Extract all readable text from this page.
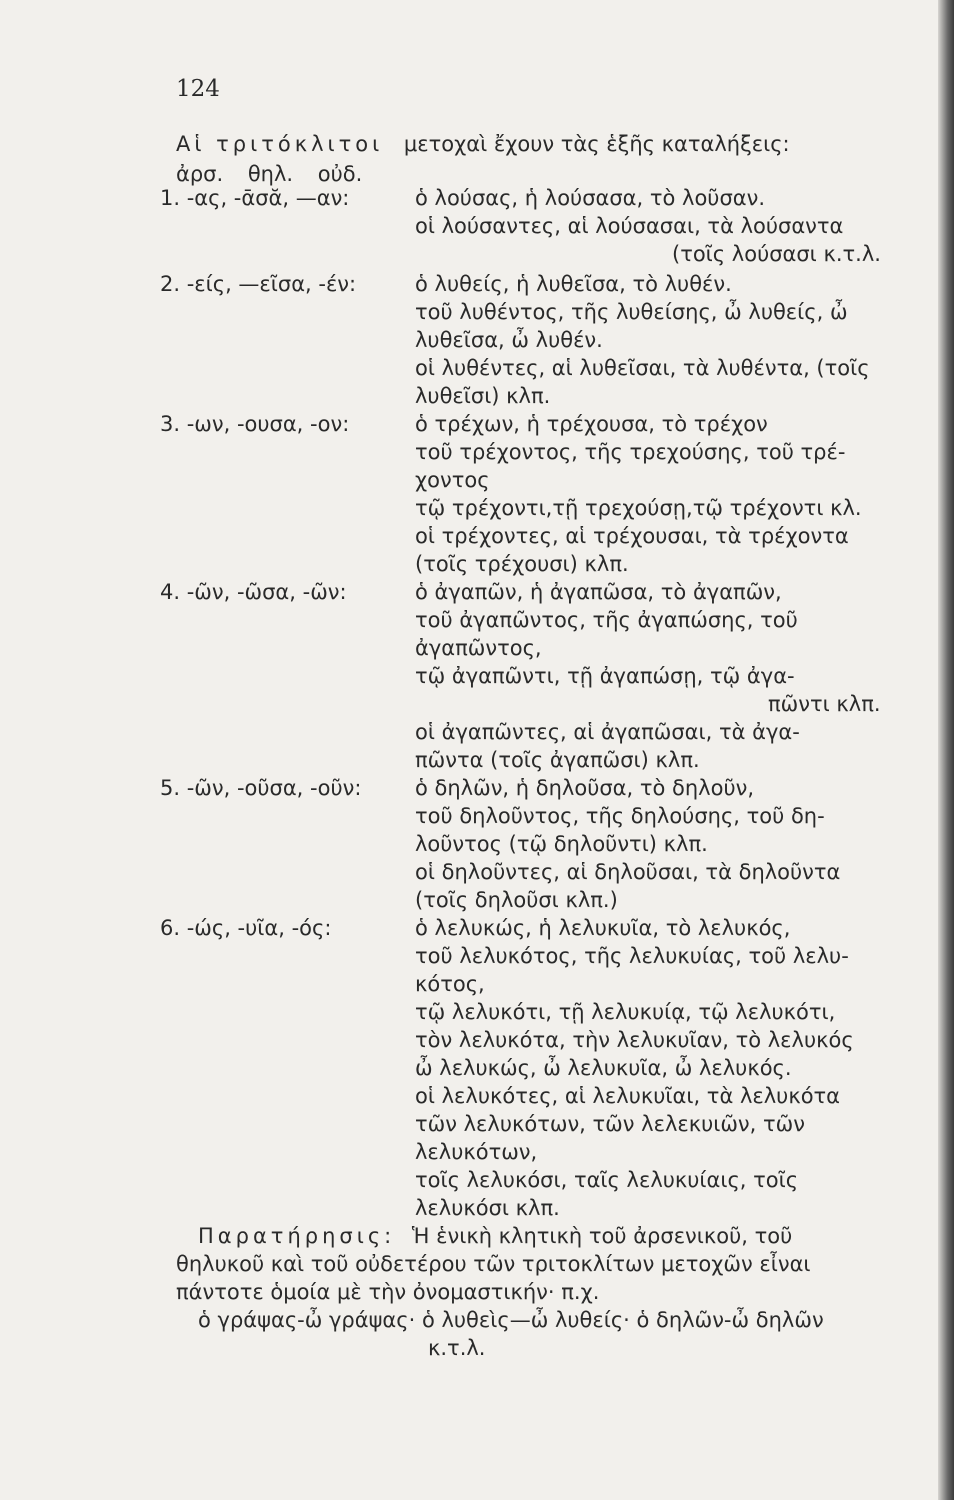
124
Αἱ τριτόκλιτοι μετοχαὶ ἔχουν τὰς ἑξῆς καταλήξεις:
ἀρσ. θηλ. οὐδ.
1. -ας, -ᾱσᾰ, —αν:	ὁ λούσας, ἡ λούσασα, τὸ λοῦσαν.
οἱ λούσαντες, αἱ λούσασαι, τὰ λούσαντα
(τοῖς λούσασι κ.τ.λ.
2. -είς, —εῖσα, -έν:	ὁ λυθείς, ἡ λυθεῖσα, τὸ λυθέν.
τοῦ λυθέντος, τῆς λυθείσης, ὦ λυθείς, ὦ
λυθεῖσα, ὦ λυθέν.
οἱ λυθέντες, αἱ λυθεῖσαι, τὰ λυθέντα, (τοῖς
λυθεῖσι) κλπ.
3. -ων, -ουσα, -ον:	ὁ τρέχων, ἡ τρέχουσα, τὸ τρέχον
τοῦ τρέχοντος, τῆς τρεχούσης, τοῦ τρέ-
χοντος
τῷ τρέχοντι,τῇ τρεχούσῃ,τῷ τρέχοντι κλ.
οἱ τρέχοντες, αἱ τρέχουσαι, τὰ τρέχοντα
(τοῖς τρέχουσι) κλπ.
4. -ῶν, -ῶσα, -ῶν:	ὁ ἀγαπῶν, ἡ ἀγαπῶσα, τὸ ἀγαπῶν,
τοῦ ἀγαπῶντος, τῆς ἀγαπώσης, τοῦ
ἀγαπῶντος,
τῷ ἀγαπῶντι, τῇ ἀγαπώσῃ, τῷ ἀγα-
πῶντι κλπ.
οἱ ἀγαπῶντες, αἱ ἀγαπῶσαι, τὰ ἀγα-
πῶντα (τοῖς ἀγαπῶσι) κλπ.
5. -ῶν, -οῦσα, -οῦν:	ὁ δηλῶν, ἡ δηλοῦσα, τὸ δηλοῦν,
τοῦ δηλοῦντος, τῆς δηλούσης, τοῦ δη-
λοῦντος (τῷ δηλοῦντι) κλπ.
οἱ δηλοῦντες, αἱ δηλοῦσαι, τὰ δηλοῦντα
(τοῖς δηλοῦσι κλπ.)
6. -ώς, -υῖα, -ός:	ὁ λελυκώς, ἡ λελυκυῖα, τὸ λελυκός,
τοῦ λελυκότος, τῆς λελυκυίας, τοῦ λελυ-
κότος,
τῷ λελυκότι, τῇ λελυκυίᾳ, τῷ λελυκότι,
τὸν λελυκότα, τὴν λελυκυῖαν, τὸ λελυκός
ὦ λελυκώς, ὦ λελυκυῖα, ὦ λελυκός.
οἱ λελυκότες, αἱ λελυκυῖαι, τὰ λελυκότα
τῶν λελυκότων, τῶν λελεκυιῶν, τῶν
λελυκότων,
τοῖς λελυκόσι, ταῖς λελυκυίαις, τοῖς
λελυκόσι κλπ.
Παρατήρησις: Ἡ ἑνικὴ κλητικὴ τοῦ ἀρσενικοῦ, τοῦ
θηλυκοῦ καὶ τοῦ οὐδετέρου τῶν τριτοκλίτων μετοχῶν εἶναι
πάντοτε ὁμοία μὲ τὴν ὀνομαστικήν· π.χ.
ὁ γράψας-ὦ γράψας· ὁ λυθεὶς—ὦ λυθείς· ὁ δηλῶν-ὦ δηλῶν
κ.τ.λ.
